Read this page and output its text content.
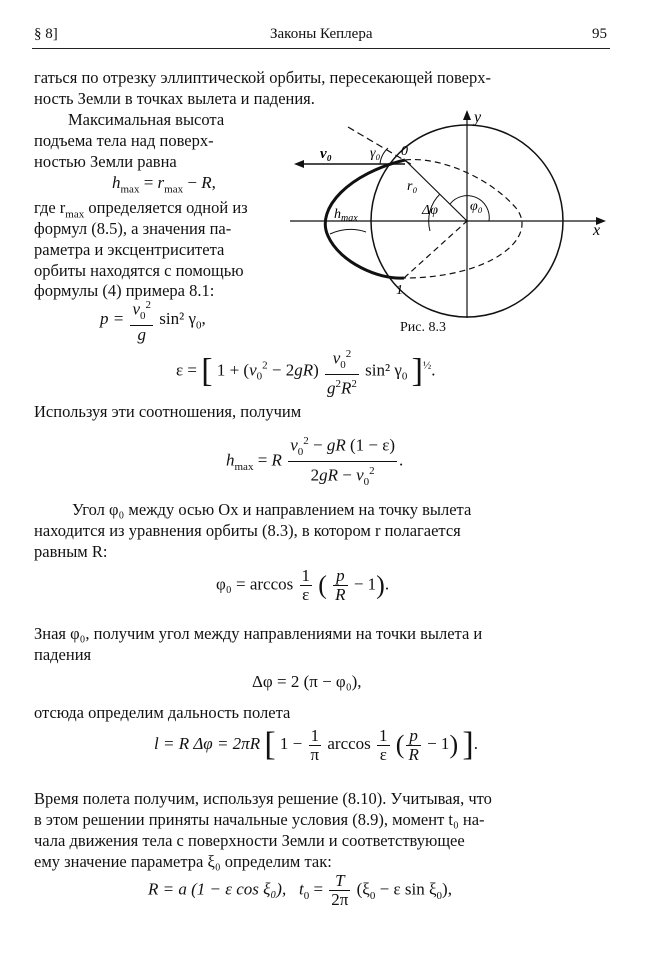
§ 8]	Законы Кеплера	95
гаться по отрезку эллиптической орбиты, пересекающей поверх-
ность Земли в точках вылета и падения.
Максимальная высота
подъема тела над поверх-
ностью Земли равна
$h_{max} = r_{max} - R$,
где $r_{max}$ определяется одной из
формул (8.5), а значения па-
раметра и эксцентриситета
орбиты находятся с помощью
формулы (4) примера 8.1:
$p = \frac{v_0^2}{g} \sin^2$ $\gamma_0$,
v₀	γ₀ 0
r₀
Δφ φ₀
$h_{max}$
1
x
y
Рис. 8.3
ε = [ $1 + (v_0^2 - 2gR) \frac{v_0^2}{g^2R^2} \sin^2$ $\gamma_0$ ]$^{\frac{1}{2}}$.
Используя эти соотношения, получим
$h_{max} = R \frac{v_0^2 - gR (1 - \varepsilon)}{2gR - v_0^2}$ .
Угол φ₀ между осью Ox и направлением на точку вылета
находится из уравнения орбиты (8.3), в котором r полагается
равным R:
$\varphi_0 = \arccos \frac{1}{\varepsilon}$ ( $\frac{p}{R} - 1$).
Зная φ₀, получим угол между направлениями на точки вылета и
падения
Δφ = 2 (π − φ₀),
отсюда определим дальность полета
l = R Δφ = 2πR [ $1 - \frac{1}{\pi}$ $\arccos \frac{1}{\varepsilon}$ ( $\frac{p}{R} - 1$) ].
Время полета получим, используя решение (8.10). Учитывая, что
в этом решении приняты начальные условия (8.9), момент t₀ на-
чала движения тела с поверхности Земли и соответствующее
ему значение параметра ξ₀ определим так:
R = a (1 − ε cos ξ₀), $t_0 = \frac{T}{2\pi} (\xi_0 - \varepsilon$ $\sin \xi_0$),
